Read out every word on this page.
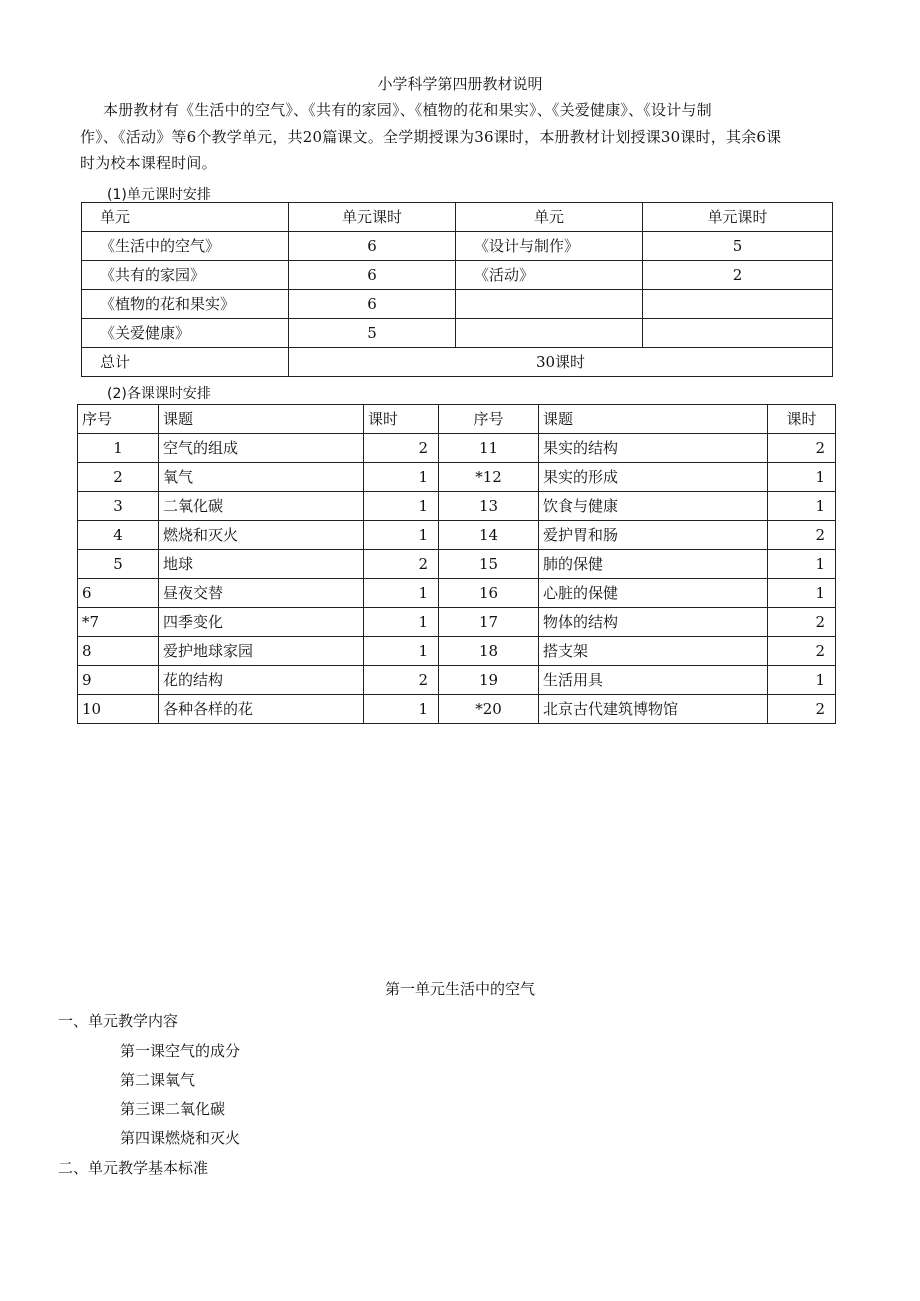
小学科学第四册教材说明
本册教材有《生活中的空气》、《共有的家园》、《植物的花和果实》、《关爱健康》、《设计与制
作》、《活动》等6个教学单元，共20篇课文。全学期授课为36课时，本册教材计划授课30课时，其余6课
时为校本课程时间。
(1)单元课时安排
单元	单元课时	单元	单元课时
《生活中的空气》	6	《设计与制作》	5
《共有的家园》	6	《活动》	2
《植物的花和果实》	6		
《关爱健康》	5		
总计	30课时		
(2)各课课时安排
序号	课题	课时	序号	课题	课时
1	空气的组成	2	11	果实的结构	2
2	氧气	1	*12	果实的形成	1
3	二氧化碳	1	13	饮食与健康	1
4	燃烧和灭火	1	14	爱护胃和肠	2
5	地球	2	15	肺的保健	1
6	昼夜交替	1	16	心脏的保健	1
*7	四季变化	1	17	物体的结构	2
8	爱护地球家园	1	18	搭支架	2
9	花的结构	2	19	生活用具	1
10	各种各样的花	1	*20	北京古代建筑博物馆	2
第一单元生活中的空气
一、单元教学内容
第一课空气的成分
第二课氧气
第三课二氧化碳
第四课燃烧和灭火
二、单元教学基本标准
